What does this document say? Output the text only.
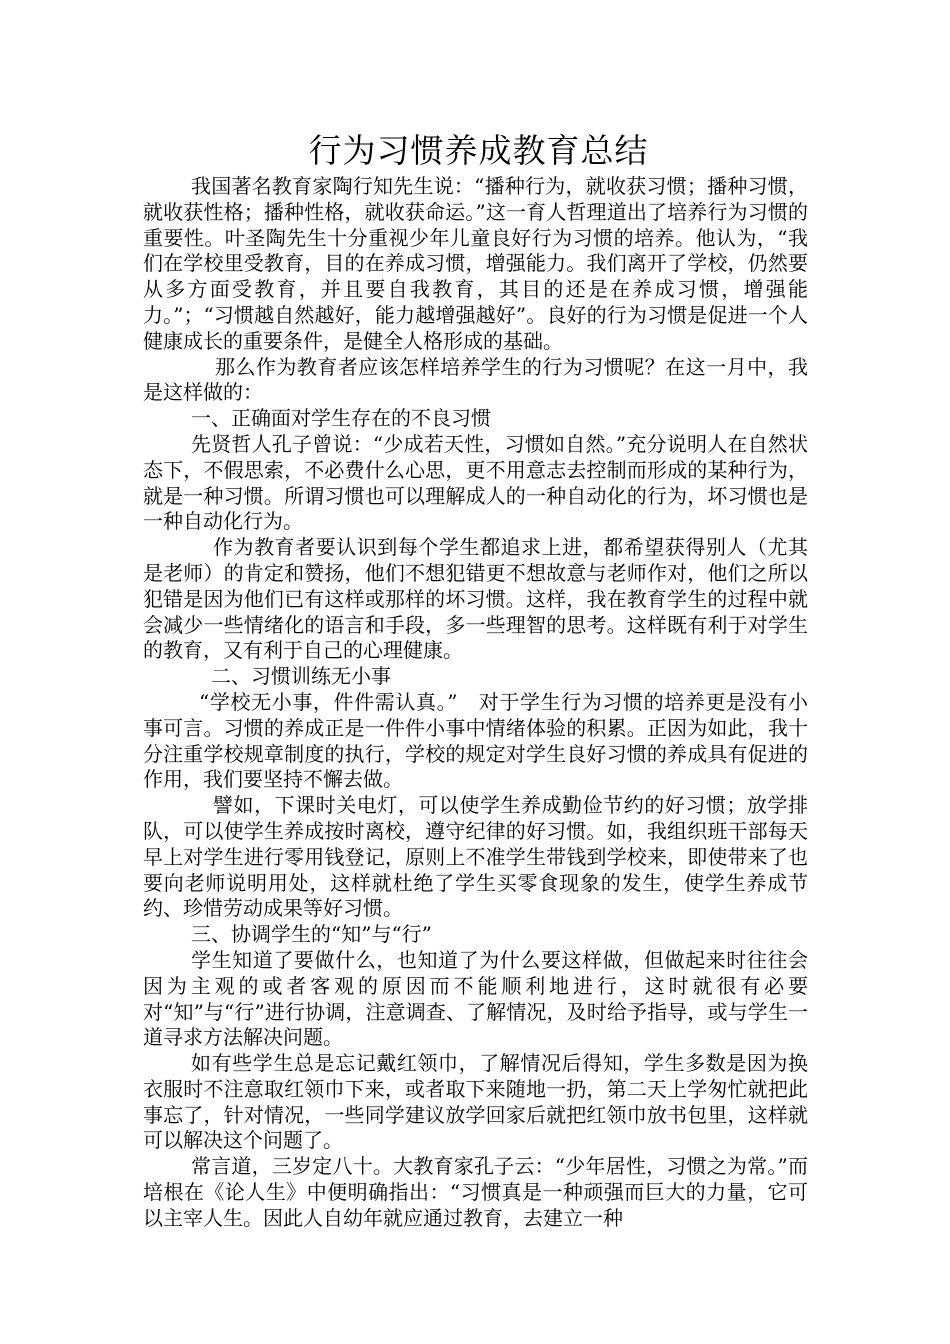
行为习惯养成教育总结

我国著名教育家陶行知先生说：“播种行为，就收获习惯；播种习惯，就收获性格；播种性格，就收获命运。”这一育人哲理道出了培养行为习惯的重要性。叶圣陶先生十分重视少年儿童良好行为习惯的培养。他认为，“我们在学校里受教育，目的在养成习惯，增强能力。我们离开了学校，仍然要从多方面受教育，并且要自我教育，其目的还是在养成习惯，增强能力。”；“习惯越自然越好，能力越增强越好”。良好的行为习惯是促进一个人健康成长的重要条件，是健全人格形成的基础。

那么作为教育者应该怎样培养学生的行为习惯呢？在这一月中，我是这样做的：

一、正确面对学生存在的不良习惯

先贤哲人孔子曾说：“少成若天性，习惯如自然。”充分说明人在自然状态下，不假思索，不必费什么心思，更不用意志去控制而形成的某种行为，就是一种习惯。所谓习惯也可以理解成人的一种自动化的行为，坏习惯也是一种自动化行为。

作为教育者要认识到每个学生都追求上进，都希望获得别人（尤其是老师）的肯定和赞扬，他们不想犯错更不想故意与老师作对，他们之所以犯错是因为他们已有这样或那样的坏习惯。这样，我在教育学生的过程中就会减少一些情绪化的语言和手段，多一些理智的思考。这样既有利于对学生的教育，又有利于自己的心理健康。

二、习惯训练无小事

“学校无小事，件件需认真。”　对于学生行为习惯的培养更是没有小事可言。习惯的养成正是一件件小事中情绪体验的积累。正因为如此，我十分注重学校规章制度的执行，学校的规定对学生良好习惯的养成具有促进的作用，我们要坚持不懈去做。

譬如，下课时关电灯，可以使学生养成勤俭节约的好习惯；放学排队，可以使学生养成按时离校，遵守纪律的好习惯。如，我组织班干部每天早上对学生进行零用钱登记，原则上不准学生带钱到学校来，即使带来了也要向老师说明用处，这样就杜绝了学生买零食现象的发生，使学生养成节约、珍惜劳动成果等好习惯。

三、协调学生的“知”与“行”

学生知道了要做什么，也知道了为什么要这样做，但做起来时往往会因为主观的或者客观的原因而不能顺利地进行，这时就很有必要对“知”与“行”进行协调，注意调查、了解情况，及时给予指导，或与学生一道寻求方法解决问题。

如有些学生总是忘记戴红领巾，了解情况后得知，学生多数是因为换衣服时不注意取红领巾下来，或者取下来随地一扔，第二天上学匆忙就把此事忘了，针对情况，一些同学建议放学回家后就把红领巾放书包里，这样就可以解决这个问题了。

常言道，三岁定八十。大教育家孔子云：“少年居性，习惯之为常。”而培根在《论人生》中便明确指出：“习惯真是一种顽强而巨大的力量，它可以主宰人生。因此人自幼年就应通过教育，去建立一种
